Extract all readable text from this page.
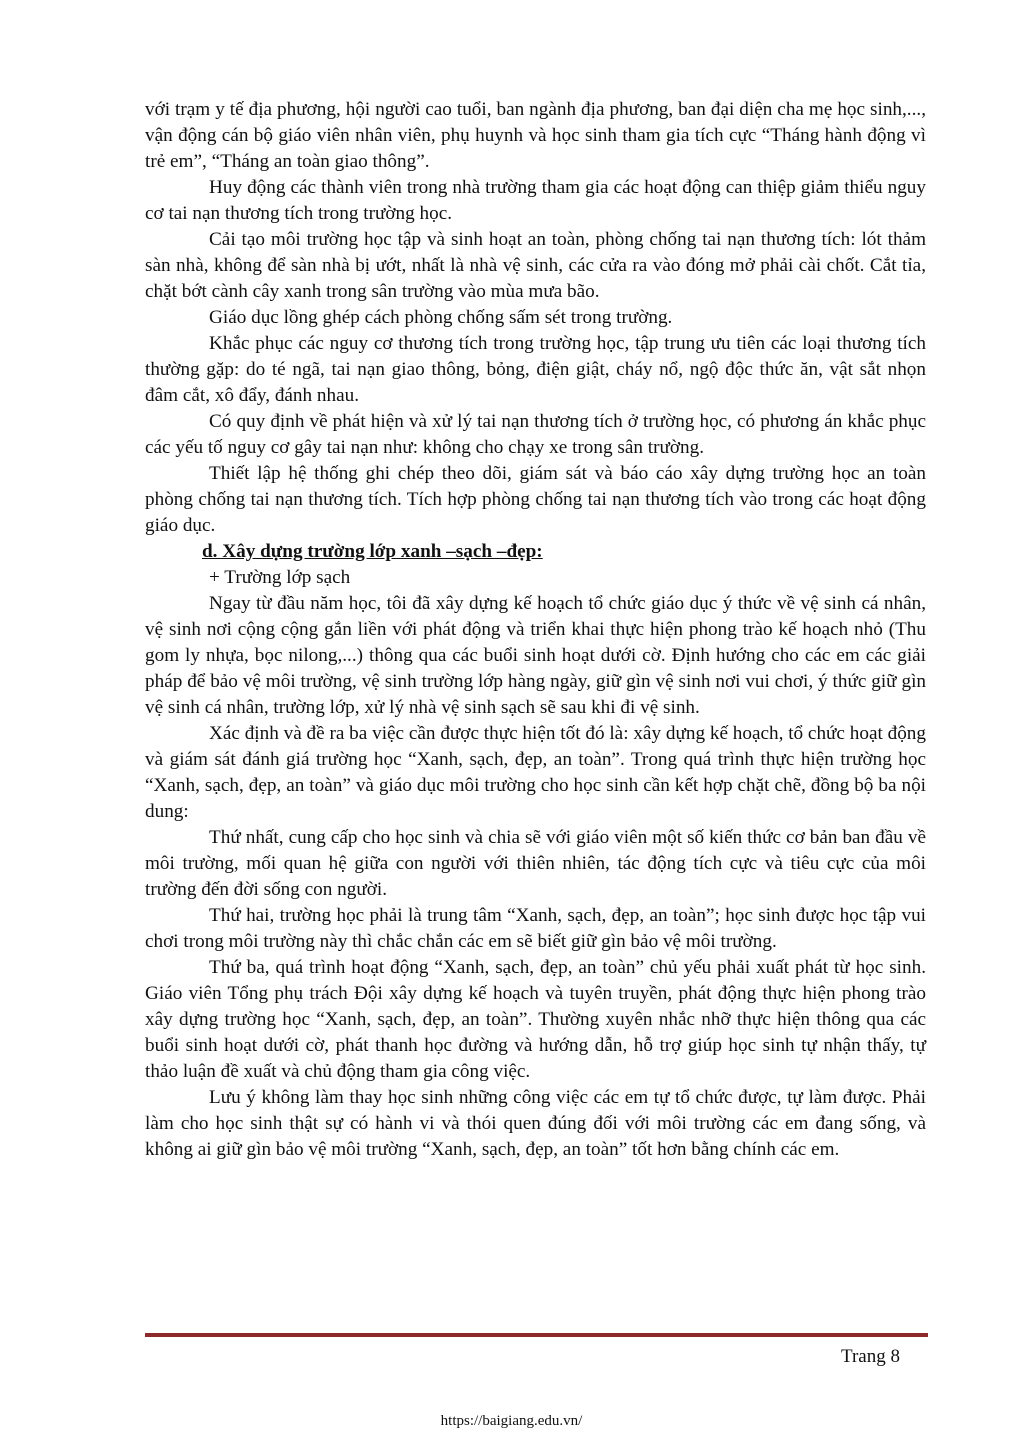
với trạm y tế địa phương, hội người cao tuổi, ban ngành địa phương, ban đại diện cha mẹ học sinh,..., vận động cán bộ giáo viên nhân viên, phụ huynh và học sinh tham gia tích cực “Tháng hành động vì trẻ em”, “Tháng an toàn giao thông”.

Huy động các thành viên trong nhà trường tham gia các hoạt động can thiệp giảm thiểu nguy cơ tai nạn thương tích trong trường học.

Cải tạo môi trường học tập và sinh hoạt an toàn, phòng chống tai nạn thương tích: lót thảm sàn nhà, không để sàn nhà bị ướt, nhất là nhà vệ sinh, các cửa ra vào đóng mở phải cài chốt. Cắt tỉa, chặt bớt cành cây xanh trong sân trường vào mùa mưa bão.

Giáo dục lồng ghép cách phòng chống sấm sét trong trường.

Khắc phục các nguy cơ thương tích trong trường học, tập trung ưu tiên các loại thương tích thường gặp: do té ngã, tai nạn giao thông, bỏng, điện giật, cháy nổ, ngộ độc thức ăn, vật sắt nhọn đâm cắt, xô đẩy, đánh nhau.

Có quy định về phát hiện và xử lý tai nạn thương tích ở trường học, có phương án khắc phục các yếu tố nguy cơ gây tai nạn như: không cho chạy xe trong sân trường.

Thiết lập hệ thống ghi chép theo dõi, giám sát và báo cáo xây dựng trường học an toàn phòng chống tai nạn thương tích. Tích hợp phòng chống tai nạn thương tích vào trong các hoạt động giáo dục.

d. Xây dựng trường lớp xanh –sạch –đẹp:

+ Trường lớp sạch

Ngay từ đầu năm học, tôi đã xây dựng kế hoạch tổ chức giáo dục ý thức về vệ sinh cá nhân, vệ sinh nơi cộng cộng gắn liền với phát động và triển khai thực hiện phong trào kế hoạch nhỏ (Thu gom ly nhựa, bọc nilong,...) thông qua các buổi sinh hoạt dưới cờ. Định hướng cho các em các giải pháp để bảo vệ môi trường, vệ sinh trường lớp hàng ngày, giữ gìn vệ sinh nơi vui chơi, ý thức giữ gìn vệ sinh cá nhân, trường lớp, xử lý nhà vệ sinh sạch sẽ sau khi đi vệ sinh.

Xác định và đề ra ba việc cần được thực hiện tốt đó là: xây dựng kế hoạch, tổ chức hoạt động và giám sát đánh giá trường học “Xanh, sạch, đẹp, an toàn”. Trong quá trình thực hiện trường học “Xanh, sạch, đẹp, an toàn” và giáo dục môi trường cho học sinh cần kết hợp chặt chẽ, đồng bộ ba nội dung:

Thứ nhất, cung cấp cho học sinh và chia sẽ với giáo viên một số kiến thức cơ bản ban đầu về môi trường, mối quan hệ giữa con người với thiên nhiên, tác động tích cực và tiêu cực của môi trường đến đời sống con người.

Thứ hai, trường học phải là trung tâm “Xanh, sạch, đẹp, an toàn”; học sinh được học tập vui chơi trong môi trường này thì chắc chắn các em sẽ biết giữ gìn bảo vệ môi trường.

Thứ ba, quá trình hoạt động “Xanh, sạch, đẹp, an toàn” chủ yếu phải xuất phát từ học sinh. Giáo viên Tổng phụ trách Đội xây dựng kế hoạch và tuyên truyền, phát động thực hiện phong trào xây dựng trường học “Xanh, sạch, đẹp, an toàn”. Thường xuyên nhắc nhỡ thực hiện thông qua các buổi sinh hoạt dưới cờ, phát thanh học đường và hướng dẫn, hỗ trợ giúp học sinh tự nhận thấy, tự thảo luận đề xuất và chủ động tham gia công việc.

Lưu ý không làm thay học sinh những công việc các em tự tổ chức được, tự làm được. Phải làm cho học sinh thật sự có hành vi và thói quen đúng đối với môi trường các em đang sống, và không ai giữ gìn bảo vệ môi trường “Xanh, sạch, đẹp, an toàn” tốt hơn bằng chính các em.

Trang 8
https://baigiang.edu.vn/
